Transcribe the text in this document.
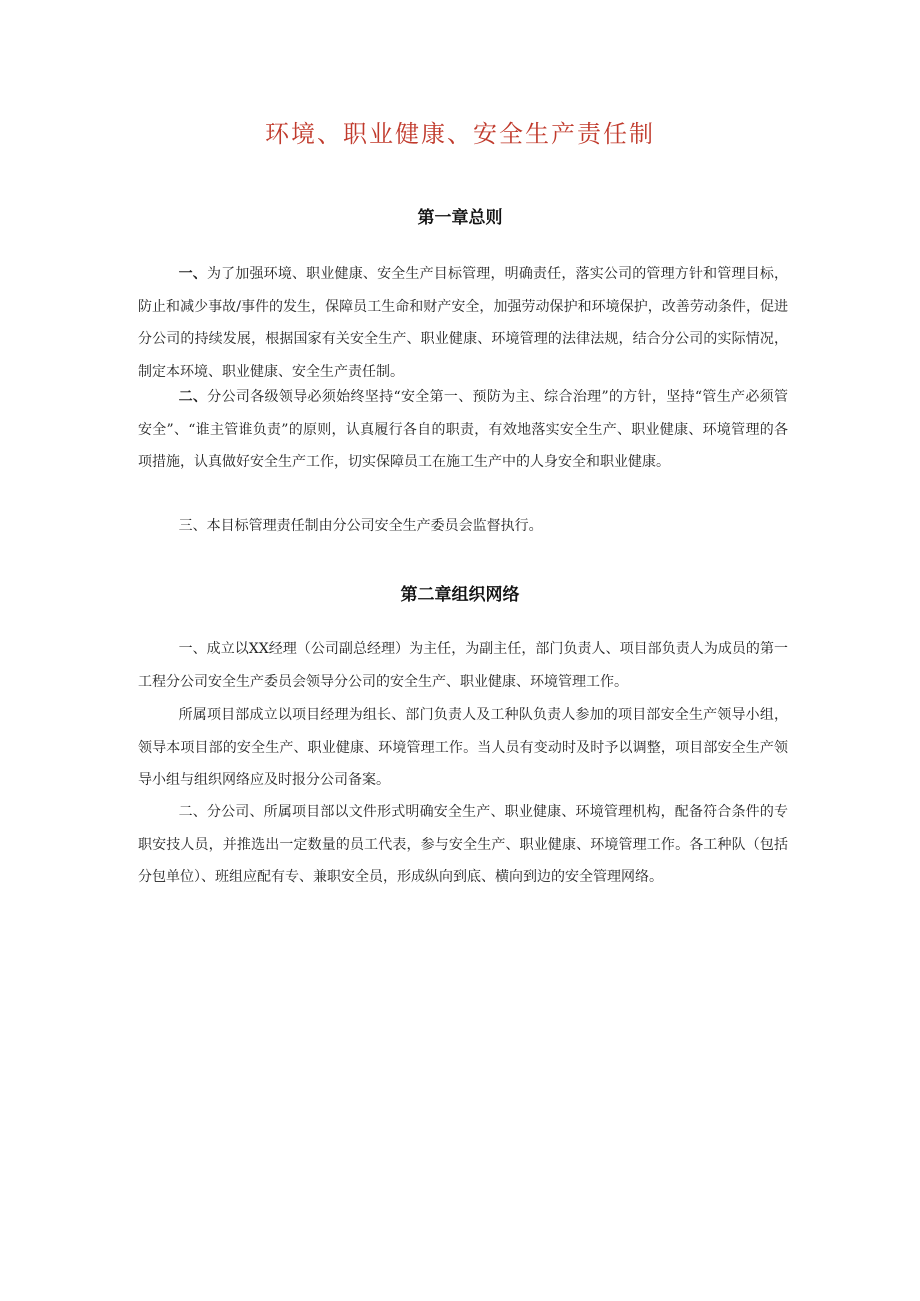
环境、职业健康、安全生产责任制
第一章总则

一、为了加强环境、职业健康、安全生产目标管理，明确责任，落实公司的管理方针和管理目标，防止和减少事故/事件的发生，保障员工生命和财产安全，加强劳动保护和环境保护，改善劳动条件，促进分公司的持续发展，根据国家有关安全生产、职业健康、环境管理的法律法规，结合分公司的实际情况，制定本环境、职业健康、安全生产责任制。

二、分公司各级领导必须始终坚持“安全第一、预防为主、综合治理”的方针，坚持“管生产必须管安全”、“谁主管谁负责”的原则，认真履行各自的职责，有效地落实安全生产、职业健康、环境管理的各项措施，认真做好安全生产工作，切实保障员工在施工生产中的人身安全和职业健康。

三、本目标管理责任制由分公司安全生产委员会监督执行。

第二章组织网络

一、成立以XX经理（公司副总经理）为主任，为副主任，部门负责人、项目部负责人为成员的第一工程分公司安全生产委员会领导分公司的安全生产、职业健康、环境管理工作。

所属项目部成立以项目经理为组长、部门负责人及工种队负责人参加的项目部安全生产领导小组，领导本项目部的安全生产、职业健康、环境管理工作。当人员有变动时及时予以调整，项目部安全生产领导小组与组织网络应及时报分公司备案。

二、分公司、所属项目部以文件形式明确安全生产、职业健康、环境管理机构，配备符合条件的专职安技人员，并推选出一定数量的员工代表，参与安全生产、职业健康、环境管理工作。各工种队（包括分包单位）、班组应配有专、兼职安全员，形成纵向到底、横向到边的安全管理网络。
